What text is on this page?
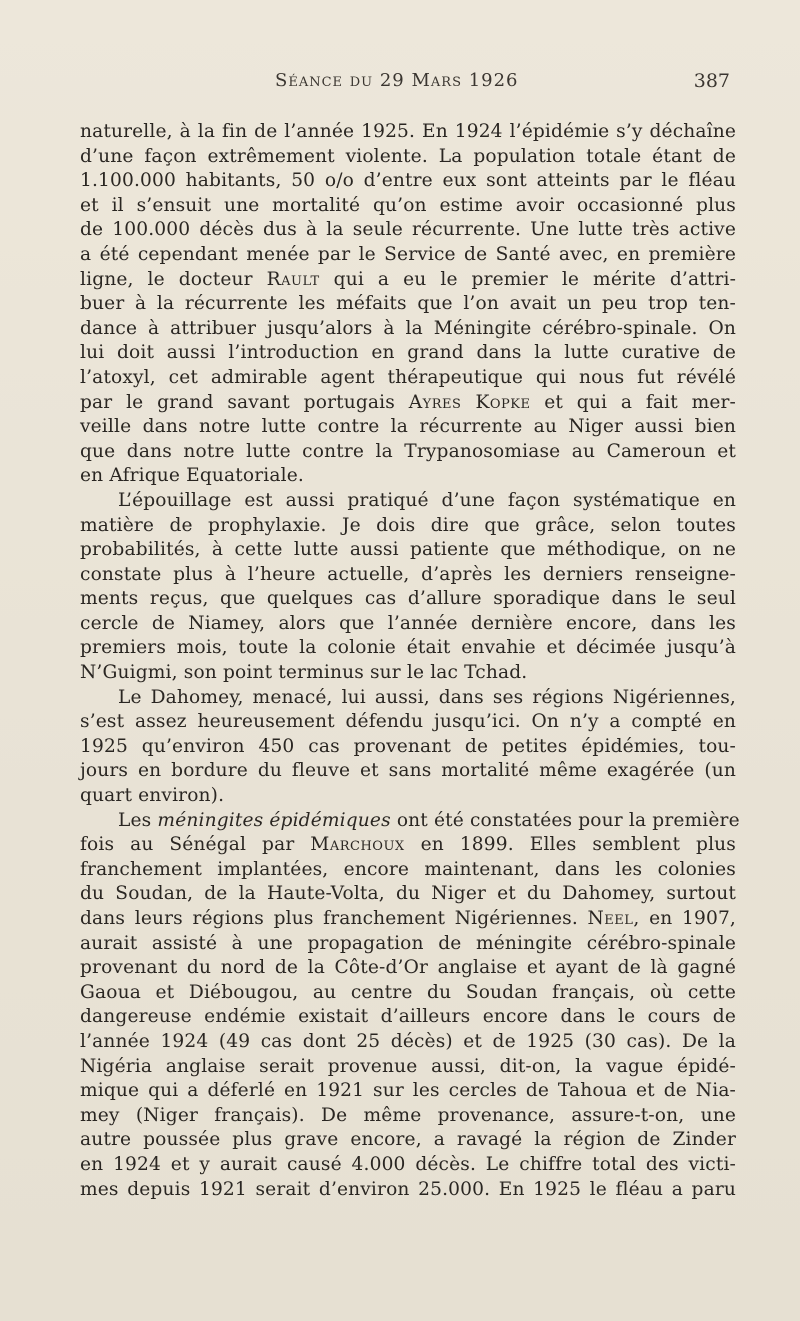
Séance du 29 Mars 1926	387
naturelle, à la fin de l’année 1925. En 1924 l’épidémie s’y déchaîne
d’une façon extrêmement violente. La population totale étant de
1.100.000 habitants, 50 o/o d’entre eux sont atteints par le fléau
et il s’ensuit une mortalité qu’on estime avoir occasionné plus
de 100.000 décès dus à la seule récurrente. Une lutte très active
a été cependant menée par le Service de Santé avec, en première
ligne, le docteur Rault qui a eu le premier le mérite d’attri-
buer à la récurrente les méfaits que l’on avait un peu trop ten-
dance à attribuer jusqu’alors à la Méningite cérébro-spinale. On
lui doit aussi l’introduction en grand dans la lutte curative de
l’atoxyl, cet admirable agent thérapeutique qui nous fut révélé
par le grand savant portugais Ayres Kopke et qui a fait mer-
veille dans notre lutte contre la récurrente au Niger aussi bien
que dans notre lutte contre la Trypanosomiase au Cameroun et
en Afrique Equatoriale.
L’épouillage est aussi pratiqué d’une façon systématique en
matière de prophylaxie. Je dois dire que grâce, selon toutes
probabilités, à cette lutte aussi patiente que méthodique, on ne
constate plus à l’heure actuelle, d’après les derniers renseigne-
ments reçus, que quelques cas d’allure sporadique dans le seul
cercle de Niamey, alors que l’année dernière encore, dans les
premiers mois, toute la colonie était envahie et décimée jusqu’à
N’Guigmi, son point terminus sur le lac Tchad.
Le Dahomey, menacé, lui aussi, dans ses régions Nigériennes,
s’est assez heureusement défendu jusqu’ici. On n’y a compté en
1925 qu’environ 450 cas provenant de petites épidémies, tou-
jours en bordure du fleuve et sans mortalité même exagérée (un
quart environ).
Les méningites épidémiques ont été constatées pour la première
fois au Sénégal par Marchoux en 1899. Elles semblent plus
franchement implantées, encore maintenant, dans les colonies
du Soudan, de la Haute-Volta, du Niger et du Dahomey, surtout
dans leurs régions plus franchement Nigériennes. Neel, en 1907,
aurait assisté à une propagation de méningite cérébro-spinale
provenant du nord de la Côte-d’Or anglaise et ayant de là gagné
Gaoua et Diébougou, au centre du Soudan français, où cette
dangereuse endémie existait d’ailleurs encore dans le cours de
l’année 1924 (49 cas dont 25 décès) et de 1925 (30 cas). De la
Nigéria anglaise serait provenue aussi, dit-on, la vague épidé-
mique qui a déferlé en 1921 sur les cercles de Tahoua et de Nia-
mey (Niger français). De même provenance, assure-t-on, une
autre poussée plus grave encore, a ravagé la région de Zinder
en 1924 et y aurait causé 4.000 décès. Le chiffre total des victi-
mes depuis 1921 serait d’environ 25.000. En 1925 le fléau a paru
